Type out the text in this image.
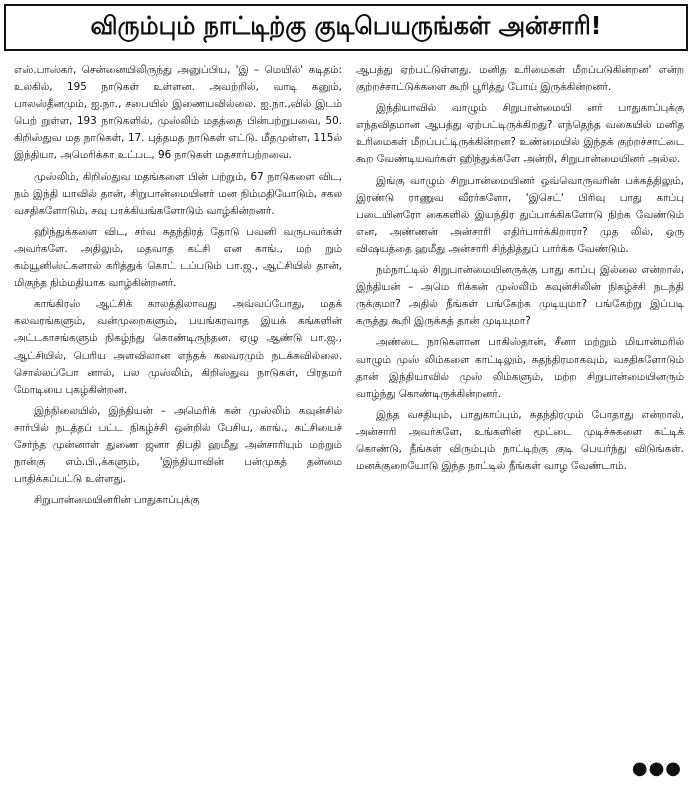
விரும்பும் நாட்டிற்கு குடிபெயருங்கள் அன்சாரி!

எஸ்.பாஸ்கர், சென்னையிலிருந்து அனுப்பிய, 'இ – மெயில்' கடிதம்: உலகில், 195 நாடுகள் உள்ளன. அவற்றில், வாடி கனும், பாலஸ்தீனமும், ஐ.நா., சபையில் இணையவில்லை. ஐ.நா.,வில் இடம் பெற் றுள்ள, 193 நாடுகளில், முஸ்லிம் மதத்தை பின்பற்றுபவை, 50. கிறிஸ்துவ மத நாடுகள், 17. புத்தமத நாடுகள் எட்டு. மீதமுள்ள, 115ல் இந்தியா, அமெரிக்கா உட்பட, 96 நாடுகள் மதசார்பற்றவை.

முஸ்லிம், கிறிஸ்துவ மதங்களை பின் பற்றும், 67 நாடுகளை விட, நம் இந்தி யாவில் தான், சிறுபான்மையினர் மன நிம்மதியோடும், சகல வசதிகளோடும், சவு பாக்கியங்களோடும் வாழ்கின்றனர்.

ஹிந்துக்களை விட, சர்வ சுதந்திரத் தோடு பவனி வருபவர்கள் அவர்களே. அதிலும், மதவாத கட்சி என காங்., மற் றும் கம்யூனிஸ்ட்களால் கரித்துக் கொட் டப்படும் பா.ஜ., ஆட்சியில் தான், மிகுந்த நிம்மதியாக வாழ்கின்றனர்.

காங்கிரஸ் ஆட்சிக் காலத்திலாவது அவ்வப்போது, மதக் கலவரங்களும், வன்முறைகளும், பயங்கரவாத இயக் கங்களின் அட்டகாசங்களும் நிகழ்ந்து கொண்டிருந்தன. ஏழு ஆண்டு பா.ஜ., ஆட்சியில், பெரிய அளவிலான எந்தக் கலவரமும் நடக்கவில்லை. சொல்லப்போ னால், பல முஸ்லிம், கிறிஸ்துவ நாடுகள், பிரதமர் மோடியை புகழ்கின்றன.

இந்நிலையில், இந்தியன் – அமெரிக் கன் முஸ்லிம் கவுன்சில் சார்பில் நடத்தப் பட்ட நிகழ்ச்சி ஒன்றில் பேசிய, காங்., கட்சியைச் சேர்ந்த முன்னாள் துணை ஜனா திபதி ஹமீது அன்சாரியும் மற்றும் நான்கு எம்.பி.,க்களும், 'இந்தியாவின் பன்முகத் தன்மை பாதிக்கப்பட்டு உள்ளது.

சிறுபான்மையினரின் பாதுகாப்புக்கு

ஆபத்து ஏற்பட்டுள்ளது. மனித உரிமைகள் மீறப்படுகின்றன' என்ற குற்றச்சாட்டுக்களை கூறி பூரித்து போய் இருக்கின்றனர்.

இந்தியாவில் வாழும் சிறுபான்மையி னர் பாதுகாப்புக்கு எந்தவிதமான ஆபத்து ஏற்பட்டிருக்கிறது? எந்தெந்த வகையில் மனித உரிமைகள் மீறப்பட்டிருக்கின்றன? உண்மையில் இந்தக் குற்றச்சாட்டை கூற வேண்டியவர்கள் ஹிந்துக்களே அன்றி, சிறுபான்மையினர் அல்ல.

இங்கு வாழும் சிறுபான்மையினர் ஒவ்வொருவரின் பக்கத்திலும், இரண்டு ராணுவ வீரர்களோ, 'இசெட்' பிரிவு பாது காப்பு படையினரோ கைகளில் இயந்திர துப்பாக்கிகளோடு நிற்க வேண்டும் என, அண்ணன் அன்சாரி எதிர்பார்க்கிறாரா? முத லில், ஒரு விஷயத்தை ஹமீது அன்சாரி சிந்தித்துப் பார்க்க வேண்டும்.

நம்நாட்டில் சிறுபான்மையினருக்கு பாது காப்பு இல்லை என்றால், இந்தியன் – அமெ ரிக்கன் முஸ்லிம் கவுன்சிலின் நிகழ்ச்சி நடந்தி ருக்குமா? அதில் நீங்கள் பங்கேற்க முடியுமா? பங்கேற்று இப்படி கருத்து கூறி இருக்கத் தான் முடியுமா?

அண்டை நாடுகளான பாகிஸ்தான், சீனா மற்றும் மியான்மரில் வாழும் முஸ் லிம்களை காட்டிலும், சுதந்திரமாகவும், வசதிகளோடும் தான் இந்தியாவில் முஸ் லிம்களும், மற்ற சிறுபான்மையினரும் வாழ்ந்து கொண்டிருக்கின்றனர்.

இந்த வசதியும், பாதுகாப்பும், சுதந்திரமும் போதாது என்றால், அன்சாரி அவர்களே, உங்களின் மூட்டை முடிச்சுகளை கட்டிக் கொண்டு, நீங்கள் விரும்பும் நாட்டிற்கு குடி பெயர்ந்து விடுங்கள். மனக்குறையோடு இந்த நாட்டில் நீங்கள் வாழ வேண்டாம்.

●●●
